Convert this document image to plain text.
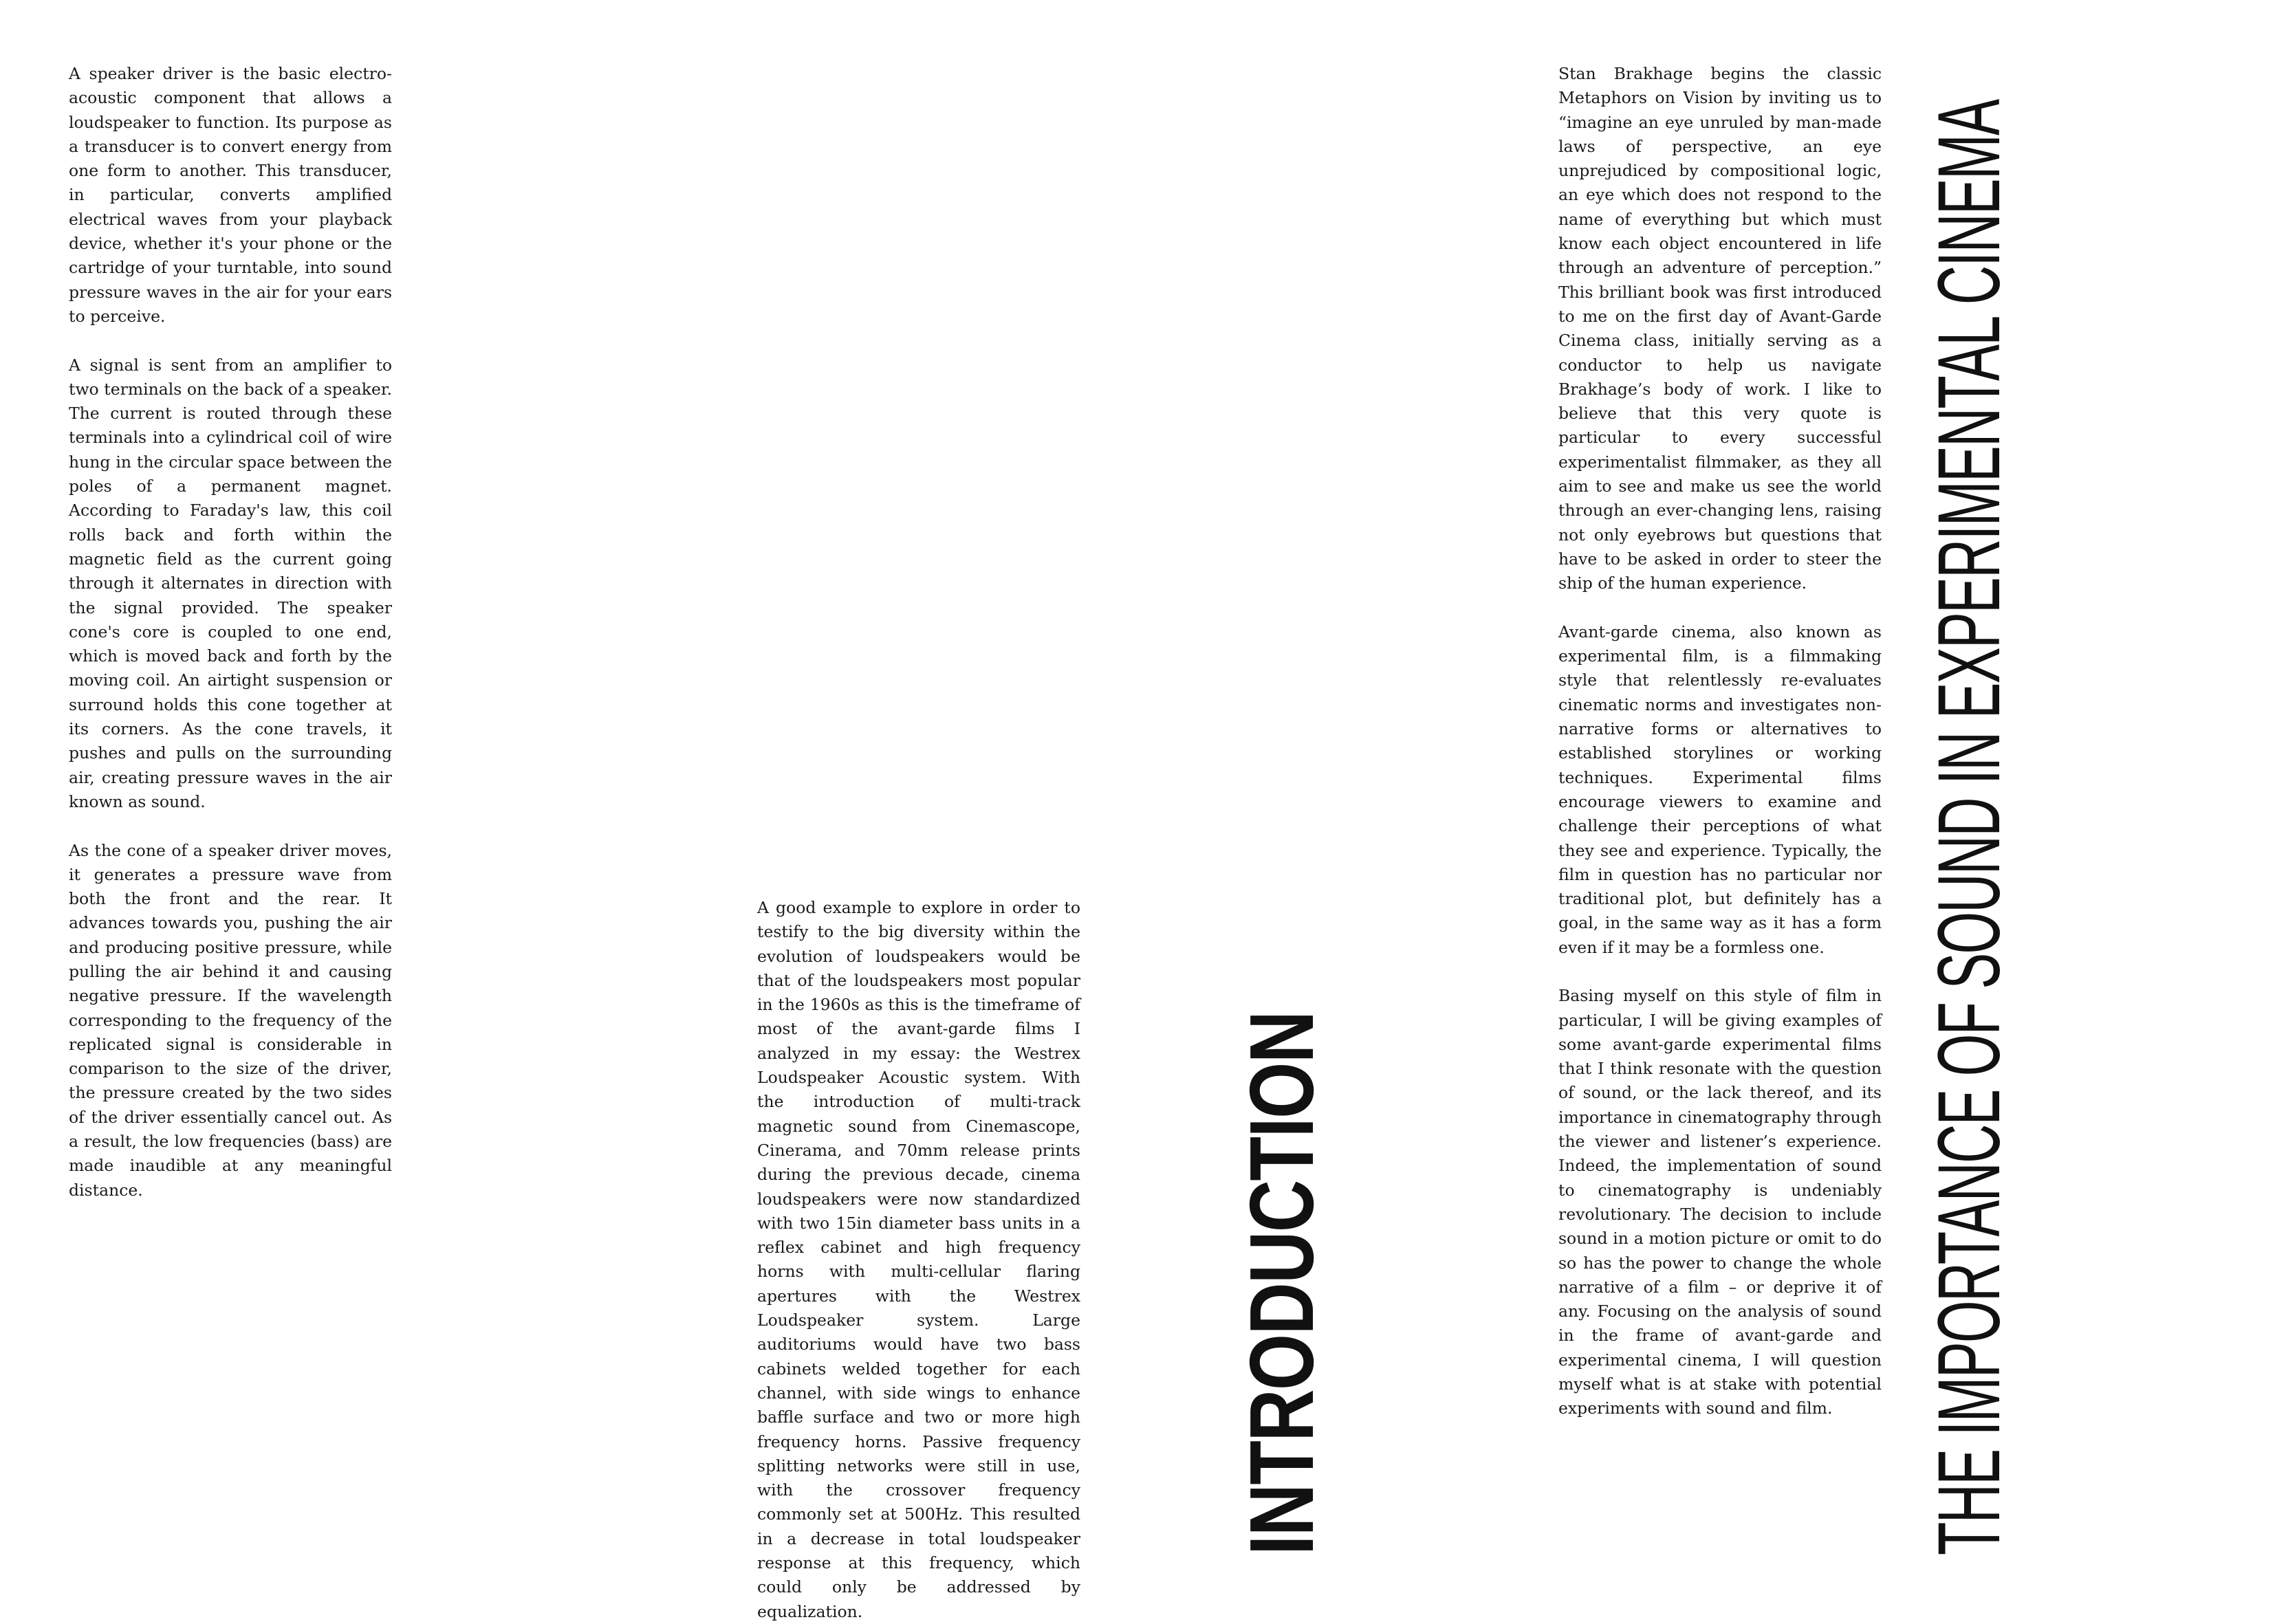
A speaker driver is the basic electro-acoustic component that allows a loudspeaker to function. Its purpose as a transducer is to convert energy from one form to another. This transducer, in particular, converts amplified electrical waves from your playback device, whether it's your phone or the cartridge of your turntable, into sound pressure waves in the air for your ears to perceive.

A signal is sent from an amplifier to two terminals on the back of a speaker. The current is routed through these terminals into a cylindrical coil of wire hung in the circular space between the poles of a permanent magnet. According to Faraday's law, this coil rolls back and forth within the magnetic field as the current going through it alternates in direction with the signal provided. The speaker cone's core is coupled to one end, which is moved back and forth by the moving coil. An airtight suspension or surround holds this cone together at its corners. As the cone travels, it pushes and pulls on the surrounding air, creating pressure waves in the air known as sound.

As the cone of a speaker driver moves, it generates a pressure wave from both the front and the rear. It advances towards you, pushing the air and producing positive pressure, while pulling the air behind it and causing negative pressure. If the wavelength corresponding to the frequency of the replicated signal is considerable in comparison to the size of the driver, the pressure created by the two sides of the driver essentially cancel out. As a result, the low frequencies (bass) are made inaudible at any meaningful distance.

A good example to explore in order to testify to the big diversity within the evolution of loudspeakers would be that of the loudspeakers most popular in the 1960s as this is the timeframe of most of the avant-garde films I analyzed in my essay: the Westrex Loudspeaker Acoustic system. With the introduction of multi-track magnetic sound from Cinemascope, Cinerama, and 70mm release prints during the previous decade, cinema loudspeakers were now standardized with two 15in diameter bass units in a reflex cabinet and high frequency horns with multi-cellular flaring apertures with the Westrex Loudspeaker system. Large auditoriums would have two bass cabinets welded together for each channel, with side wings to enhance baffle surface and two or more high frequency horns. Passive frequency splitting networks were still in use, with the crossover frequency commonly set at 500Hz. This resulted in a decrease in total loudspeaker response at this frequency, which could only be addressed by equalization.

INTRODUCTION

Stan Brakhage begins the classic Metaphors on Vision by inviting us to “imagine an eye unruled by man-made laws of perspective, an eye unprejudiced by compositional logic, an eye which does not respond to the name of everything but which must know each object encountered in life through an adventure of perception.” This brilliant book was first introduced to me on the first day of Avant-Garde Cinema class, initially serving as a conductor to help us navigate Brakhage’s body of work. I like to believe that this very quote is particular to every successful experimentalist filmmaker, as they all aim to see and make us see the world through an ever-changing lens, raising not only eyebrows but questions that have to be asked in order to steer the ship of the human experience.

Avant-garde cinema, also known as experimental film, is a filmmaking style that relentlessly re-evaluates cinematic norms and investigates non-narrative forms or alternatives to established storylines or working techniques. Experimental films encourage viewers to examine and challenge their perceptions of what they see and experience. Typically, the film in question has no particular nor traditional plot, but definitely has a goal, in the same way as it has a form even if it may be a formless one.

Basing myself on this style of film in particular, I will be giving examples of some avant-garde experimental films that I think resonate with the question of sound, or the lack thereof, and its importance in cinematography through the viewer and listener’s experience. Indeed, the implementation of sound to cinematography is undeniably revolutionary. The decision to include sound in a motion picture or omit to do so has the power to change the whole narrative of a film – or deprive it of any. Focusing on the analysis of sound in the frame of avant-garde and experimental cinema, I will question myself what is at stake with potential experiments with sound and film. THE IMPORTANCE OF SOUND IN EXPERIMENTAL CINEMA
